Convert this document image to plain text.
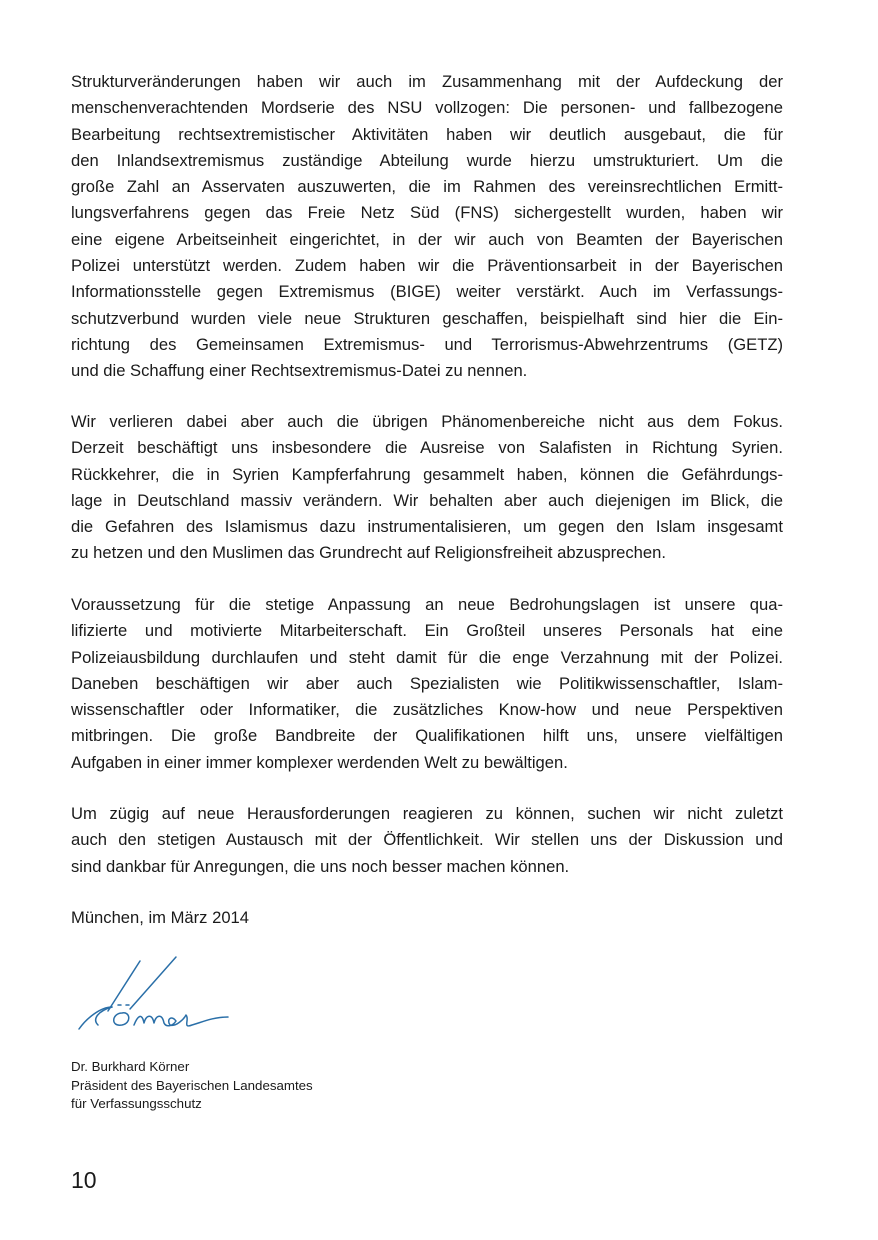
Strukturveränderungen haben wir auch im Zusammenhang mit der Aufdeckung der
menschenverachtenden Mordserie des NSU vollzogen: Die personen- und fallbezogene
Bearbeitung rechtsextremistischer Aktivitäten haben wir deutlich ausgebaut, die für
den Inlandsextremismus zuständige Abteilung wurde hierzu umstrukturiert. Um die
große Zahl an Asservaten auszuwerten, die im Rahmen des vereinsrechtlichen Ermitt-
lungsverfahrens gegen das Freie Netz Süd (FNS) sichergestellt wurden, haben wir
eine eigene Arbeitseinheit eingerichtet, in der wir auch von Beamten der Bayerischen
Polizei unterstützt werden. Zudem haben wir die Präventionsarbeit in der Bayerischen
Informationsstelle gegen Extremismus (BIGE) weiter verstärkt. Auch im Verfassungs-
schutzverbund wurden viele neue Strukturen geschaffen, beispielhaft sind hier die Ein-
richtung des Gemeinsamen Extremismus- und Terrorismus-Abwehrzentrums (GETZ)
und die Schaffung einer Rechtsextremismus-Datei zu nennen.
Wir verlieren dabei aber auch die übrigen Phänomenbereiche nicht aus dem Fokus.
Derzeit beschäftigt uns insbesondere die Ausreise von Salafisten in Richtung Syrien.
Rückkehrer, die in Syrien Kampferfahrung gesammelt haben, können die Gefährdungs-
lage in Deutschland massiv verändern. Wir behalten aber auch diejenigen im Blick, die
die Gefahren des Islamismus dazu instrumentalisieren, um gegen den Islam insgesamt
zu hetzen und den Muslimen das Grundrecht auf Religionsfreiheit abzusprechen.
Voraussetzung für die stetige Anpassung an neue Bedrohungslagen ist unsere qua-
lifizierte und motivierte Mitarbeiterschaft. Ein Großteil unseres Personals hat eine
Polizeiausbildung durchlaufen und steht damit für die enge Verzahnung mit der Polizei.
Daneben beschäftigen wir aber auch Spezialisten wie Politikwissenschaftler, Islam-
wissenschaftler oder Informatiker, die zusätzliches Know-how und neue Perspektiven
mitbringen. Die große Bandbreite der Qualifikationen hilft uns, unsere vielfältigen
Aufgaben in einer immer komplexer werdenden Welt zu bewältigen.
Um zügig auf neue Herausforderungen reagieren zu können, suchen wir nicht zuletzt
auch den stetigen Austausch mit der Öffentlichkeit. Wir stellen uns der Diskussion und
sind dankbar für Anregungen, die uns noch besser machen können.

München, im März 2014

Dr. Burkhard Körner
Präsident des Bayerischen Landesamtes
für Verfassungsschutz
10
